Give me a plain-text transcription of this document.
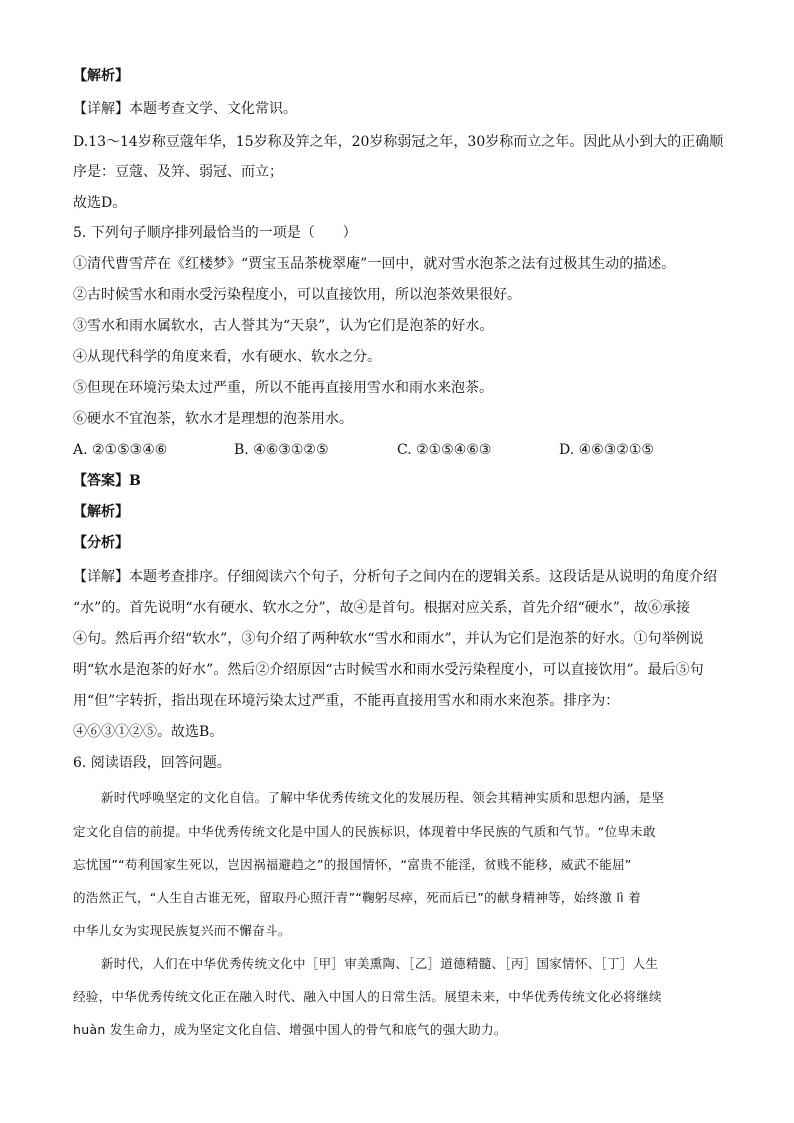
【解析】
【详解】本题考查文学、文化常识。
D.13～14岁称豆蔻年华，15岁称及笄之年，20岁称弱冠之年，30岁称而立之年。因此从小到大的正确顺
序是：豆蔻、及笄、弱冠、而立；
故选D。
5. 下列句子顺序排列最恰当的一项是（　　）
①清代曹雪芹在《红楼梦》“贾宝玉品茶栊翠庵”一回中，就对雪水泡茶之法有过极其生动的描述。
②古时候雪水和雨水受污染程度小，可以直接饮用，所以泡茶效果很好。
③雪水和雨水属软水，古人誉其为“天泉”，认为它们是泡茶的好水。
④从现代科学的角度来看，水有硬水、软水之分。
⑤但现在环境污染太过严重，所以不能再直接用雪水和雨水来泡茶。
⑥硬水不宜泡茶，软水才是理想的泡茶用水。
A. ②①⑤③④⑥	B. ④⑥③①②⑤	C. ②①⑤④⑥③	D. ④⑥③②①⑤
【答案】B
【解析】
【分析】
【详解】本题考查排序。仔细阅读六个句子，分析句子之间内在的逻辑关系。这段话是从说明的角度介绍
“水”的。首先说明“水有硬水、软水之分”，故④是首句。根据对应关系，首先介绍“硬水”，故⑥承接
④句。然后再介绍“软水”，③句介绍了两种软水“雪水和雨水”，并认为它们是泡茶的好水。①句举例说
明“软水是泡茶的好水”。然后②介绍原因“古时候雪水和雨水受污染程度小，可以直接饮用”。最后⑤句
用“但”字转折，指出现在环境污染太过严重，不能再直接用雪水和雨水来泡茶。排序为：
④⑥③①②⑤。故选B。
6. 阅读语段，回答问题。
新时代呼唤坚定的文化自信。了解中华优秀传统文化的发展历程、领会其精神实质和思想内涵，是坚
定文化自信的前提。中华优秀传统文化是中国人的民族标识，体现着中华民族的气质和气节。“位卑未敢
忘忧国”“苟利国家生死以，岂因祸福避趋之”的报国情怀，“富贵不能淫，贫贱不能移，威武不能屈”
的浩然正气，“人生自古谁无死，留取丹心照汗青”“鞠躬尽瘁，死而后已”的献身精神等，始终激 lì 着
中华儿女为实现民族复兴而不懈奋斗。
新时代，人们在中华优秀传统文化中［甲］审美熏陶、［乙］道德精髓、［丙］国家情怀、［丁］人生
经验，中华优秀传统文化正在融入时代、融入中国人的日常生活。展望未来，中华优秀传统文化必将继续
huàn 发生命力，成为坚定文化自信、增强中国人的骨气和底气的强大助力。
